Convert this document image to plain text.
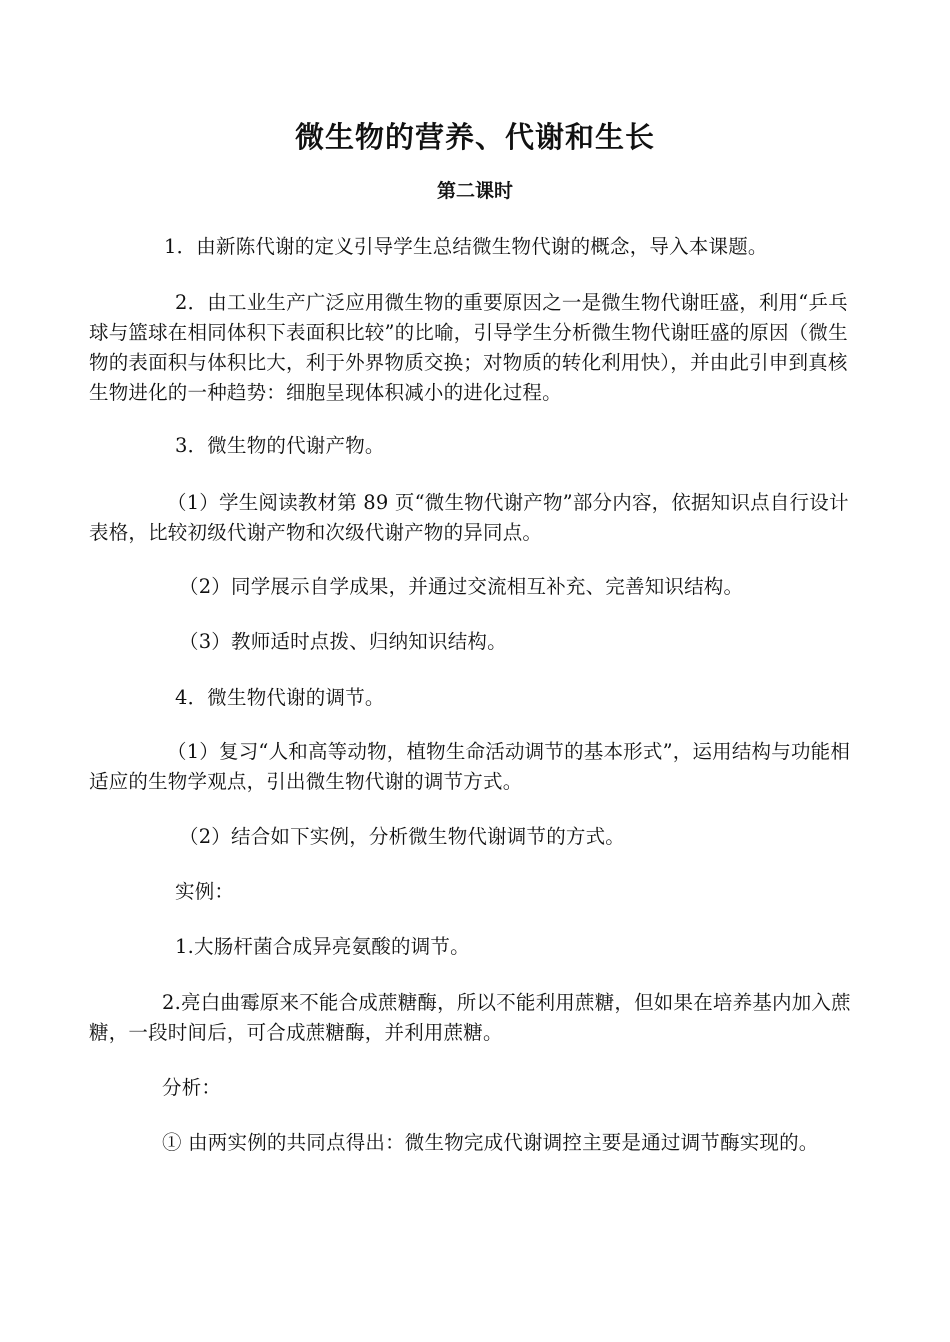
微生物的营养、代谢和生长
第二课时

1．由新陈代谢的定义引导学生总结微生物代谢的概念，导入本课题。

2．由工业生产广泛应用微生物的重要原因之一是微生物代谢旺盛，利用“乒乓球与篮球在相同体积下表面积比较”的比喻，引导学生分析微生物代谢旺盛的原因（微生物的表面积与体积比大，利于外界物质交换；对物质的转化利用快），并由此引申到真核生物进化的一种趋势：细胞呈现体积减小的进化过程。

3．微生物的代谢产物。

（1）学生阅读教材第 89 页“微生物代谢产物”部分内容，依据知识点自行设计表格，比较初级代谢产物和次级代谢产物的异同点。

（2）同学展示自学成果，并通过交流相互补充、完善知识结构。

（3）教师适时点拨、归纳知识结构。

4．微生物代谢的调节。

（1）复习“人和高等动物，植物生命活动调节的基本形式”，运用结构与功能相适应的生物学观点，引出微生物代谢的调节方式。

（2）结合如下实例，分析微生物代谢调节的方式。

实例：

1.大肠杆菌合成异亮氨酸的调节。

2.亮白曲霉原来不能合成蔗糖酶，所以不能利用蔗糖，但如果在培养基内加入蔗糖，一段时间后，可合成蔗糖酶，并利用蔗糖。

分析：

① 由两实例的共同点得出：微生物完成代谢调控主要是通过调节酶实现的。
